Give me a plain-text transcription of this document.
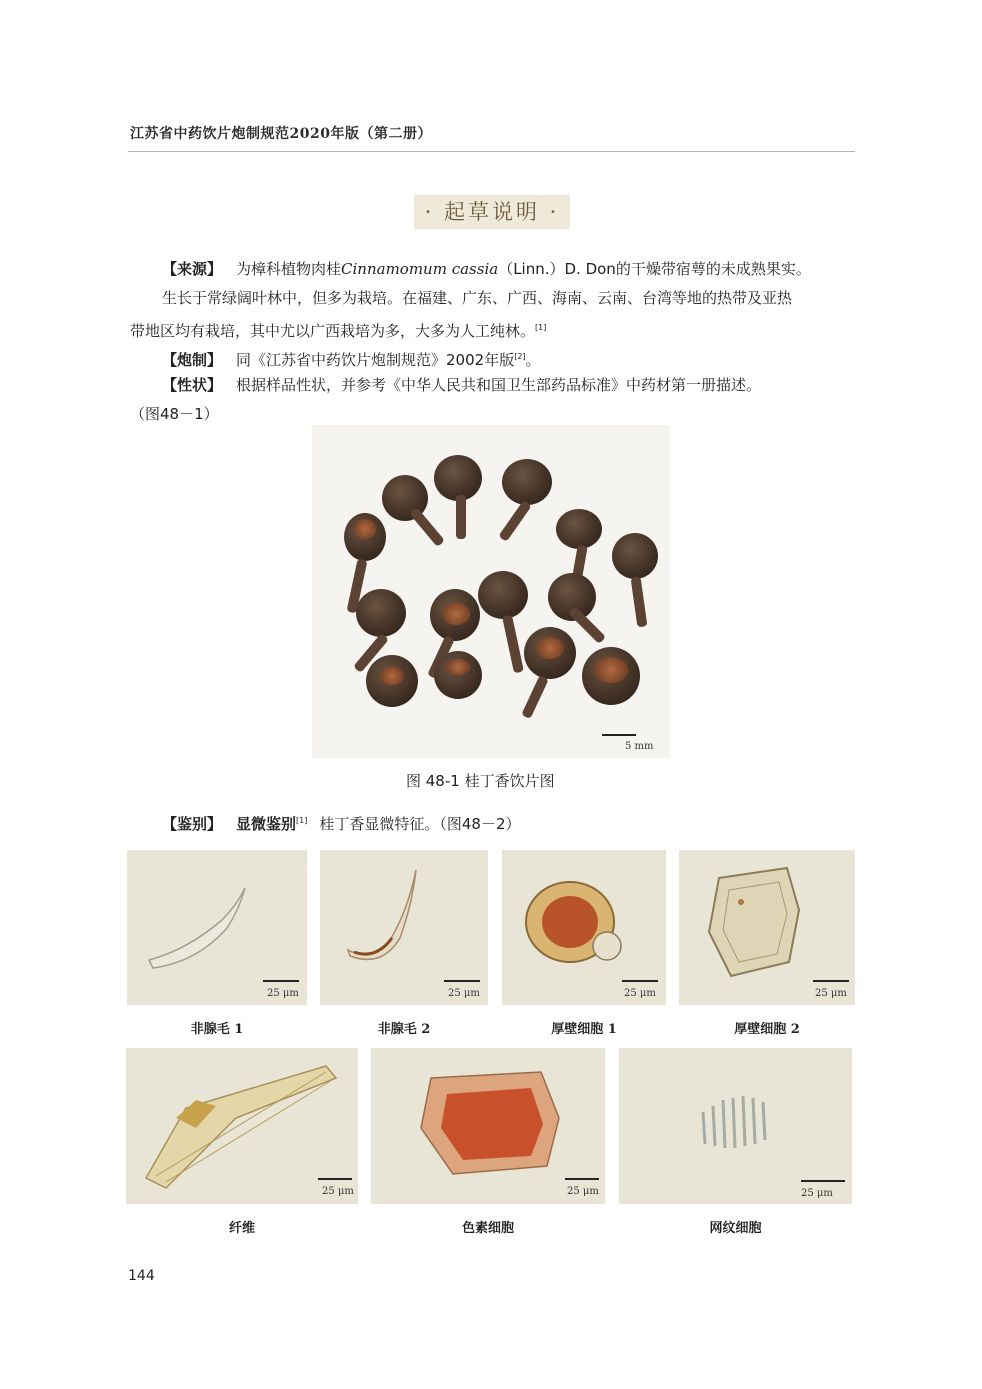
江苏省中药饮片炮制规范2020年版（第二册）
· 起草说明 ·
【来源】 为樟科植物肉桂Cinnamomum cassia（Linn.）D. Don的干燥带宿萼的未成熟果实。
生长于常绿阔叶林中，但多为栽培。在福建、广东、广西、海南、云南、台湾等地的热带及亚热
带地区均有栽培，其中尤以广西栽培为多，大多为人工纯林。[1]
【炮制】 同《江苏省中药饮片炮制规范》2002年版[2]。
【性状】 根据样品性状，并参考《中华人民共和国卫生部药品标准》中药材第一册描述。
（图48－1）
5 mm
图 48-1 桂丁香饮片图
【鉴别】 显微鉴别[1] 桂丁香显微特征。（图48－2）
25 μm	25 μm	25 μm	25 μm
非腺毛 1	非腺毛 2	厚壁细胞 1	厚壁细胞 2
25 μm	25 μm	25 μm
纤维	色素细胞	网纹细胞
144
